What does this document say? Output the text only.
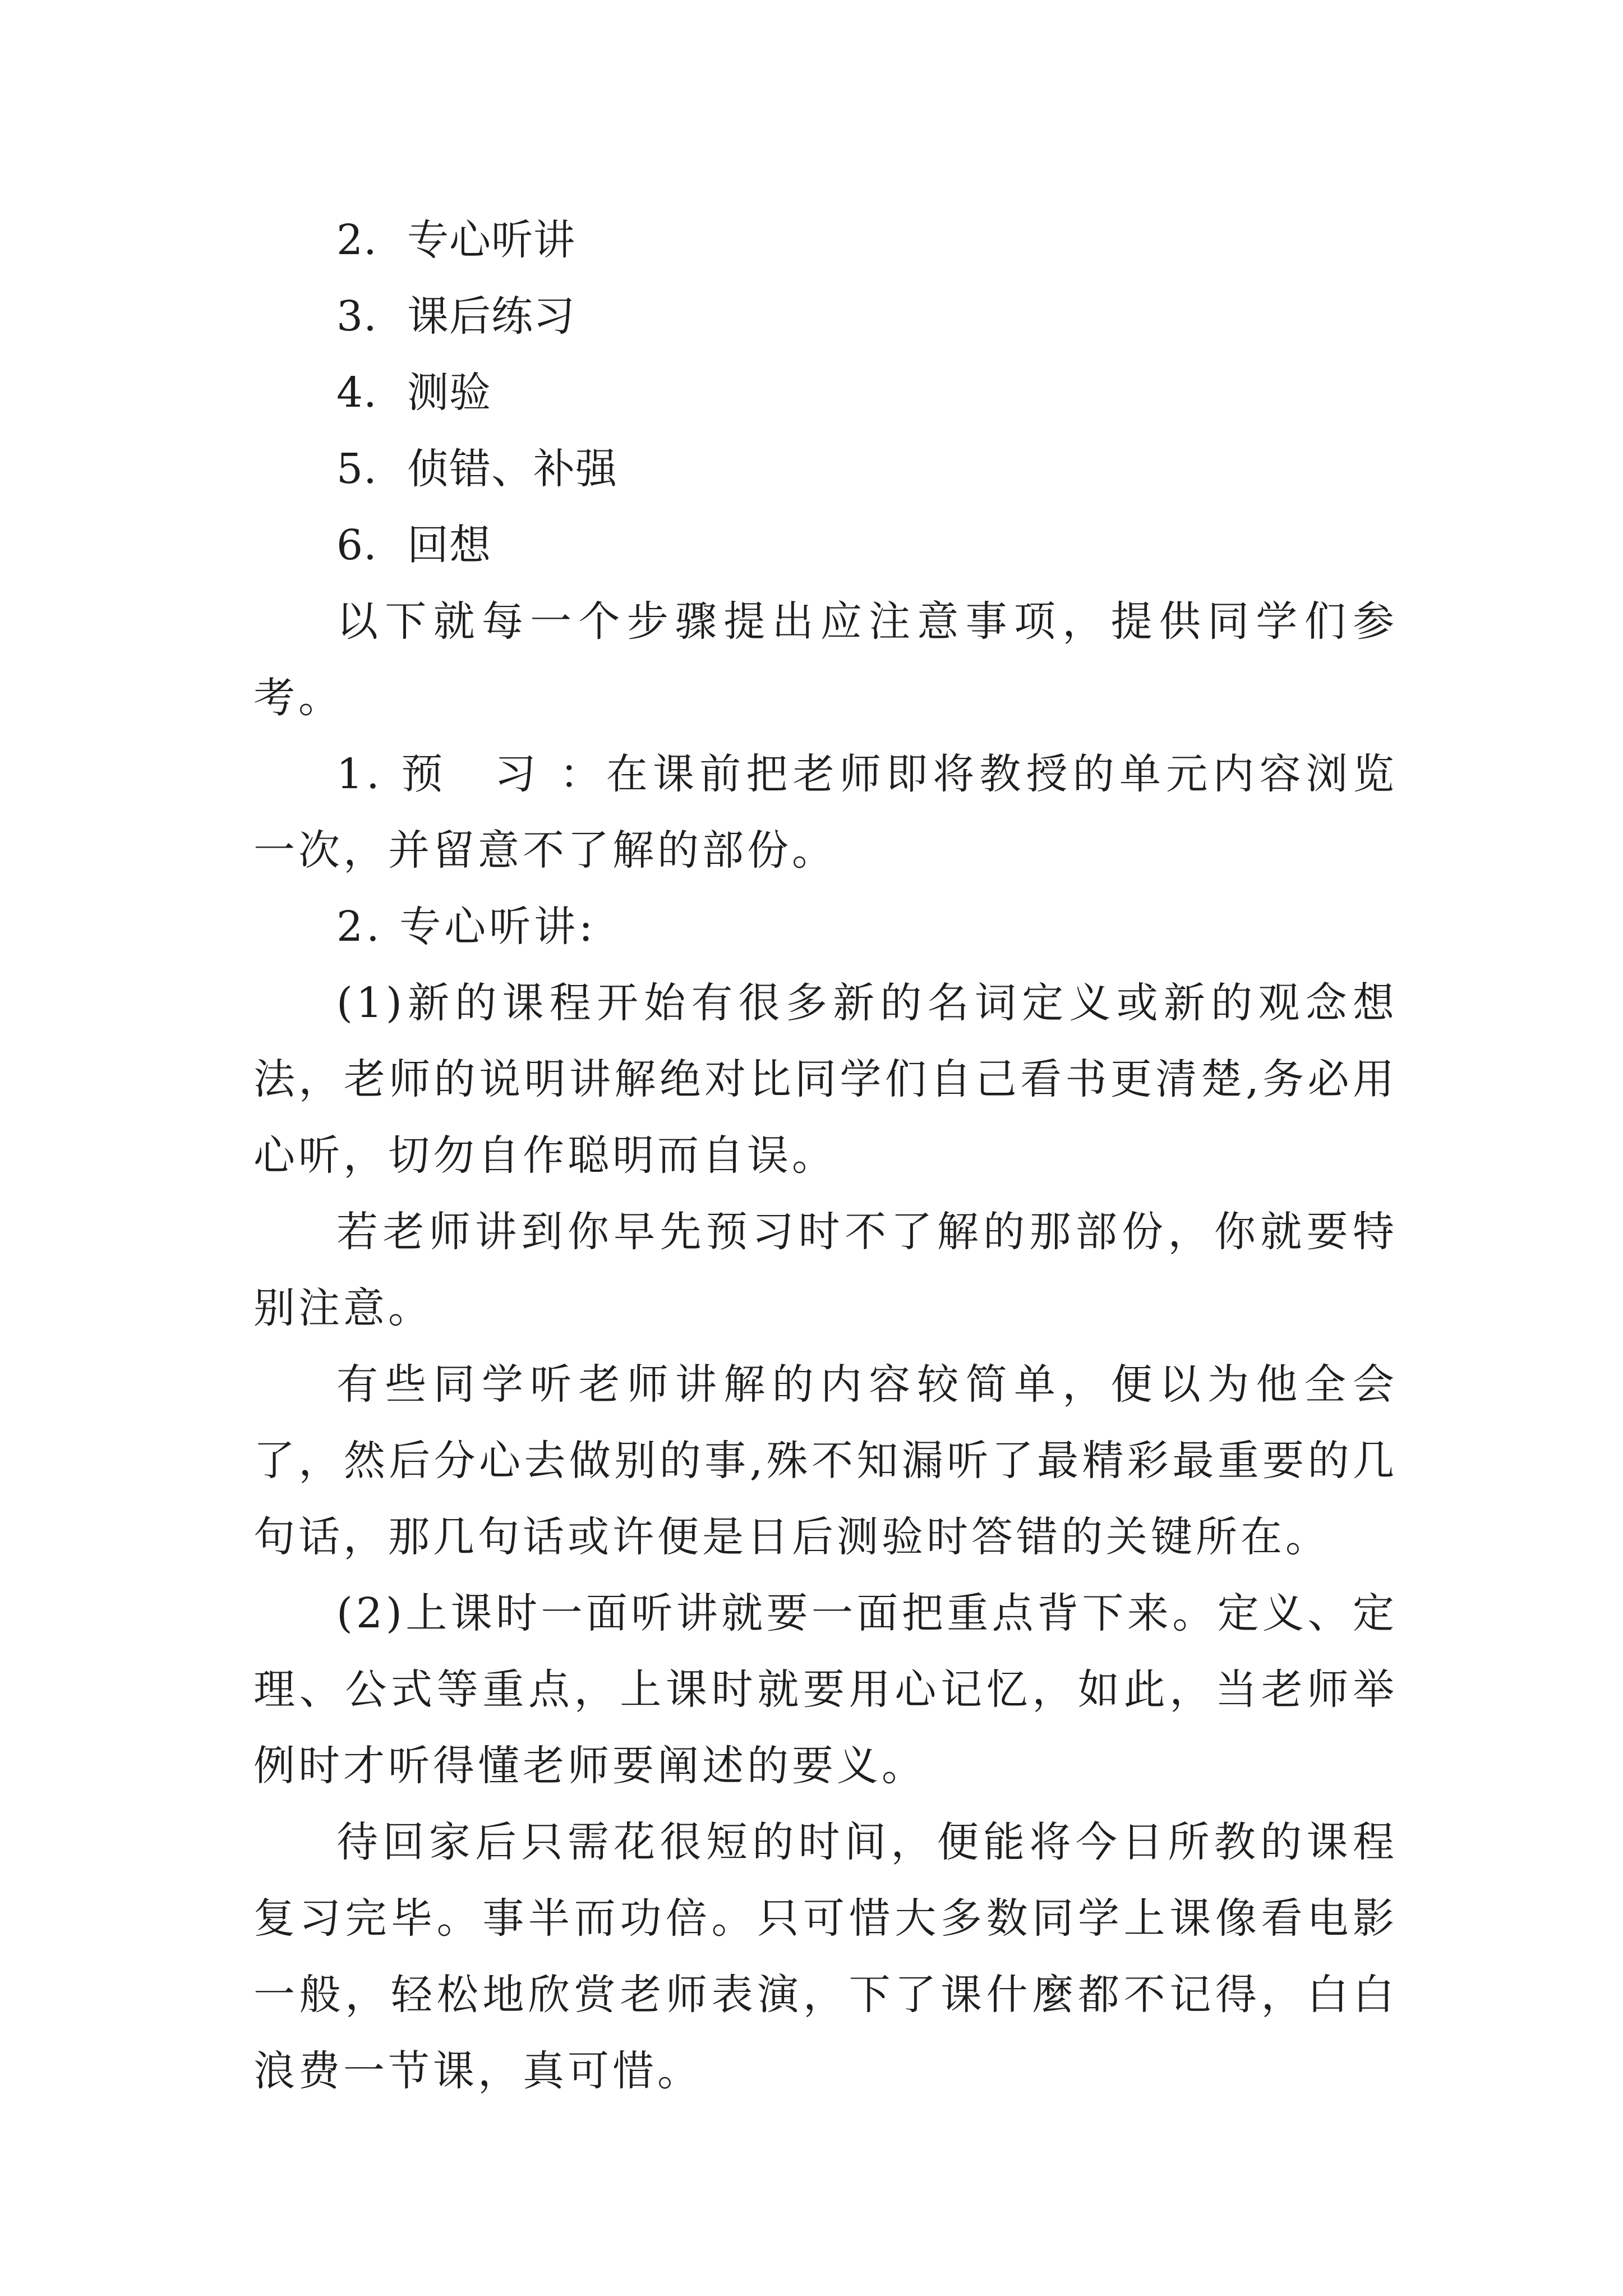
2. 专心听讲
3. 课后练习
4. 测验
5. 侦错、补强
6. 回想

以下就每一个步骤提出应注意事项，提供同学们参考。

1. 预　习 ：在课前把老师即将教授的单元内容浏览一次，并留意不了解的部份。

2. 专心听讲:

(1)新的课程开始有很多新的名词定义或新的观念想法，老师的说明讲解绝对比同学们自己看书更清楚,务必用心听，切勿自作聪明而自误。

若老师讲到你早先预习时不了解的那部份，你就要特别注意。

有些同学听老师讲解的内容较简单，便以为他全会了，然后分心去做别的事,殊不知漏听了最精彩最重要的几句话，那几句话或许便是日后测验时答错的关键所在。

(2)上课时一面听讲就要一面把重点背下来。定义、定理、公式等重点，上课时就要用心记忆，如此，当老师举例时才听得懂老师要阐述的要义。

待回家后只需花很短的时间，便能将今日所教的课程复习完毕。事半而功倍。只可惜大多数同学上课像看电影一般，轻松地欣赏老师表演，下了课什麼都不记得，白白浪费一节课，真可惜。
